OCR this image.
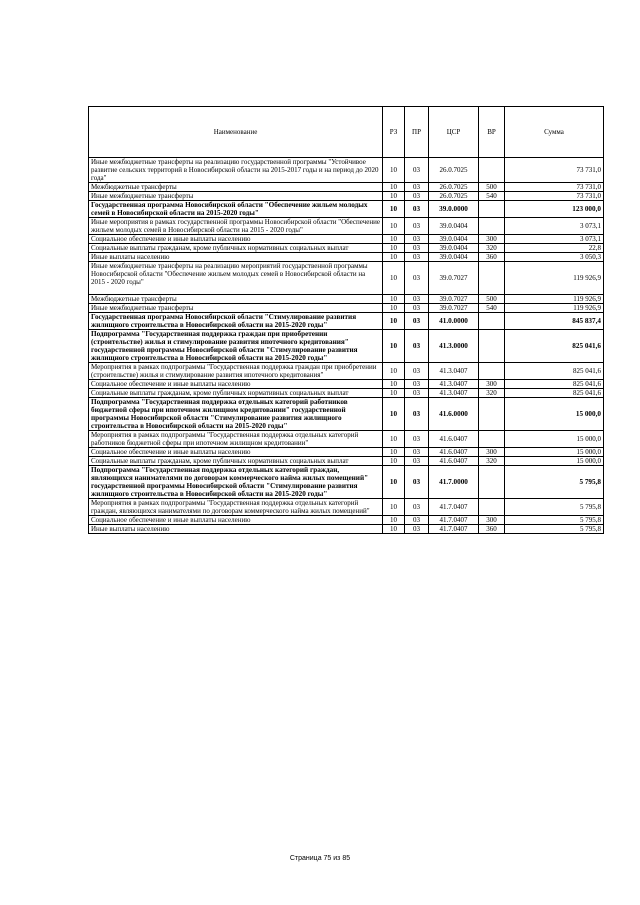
Наименование	РЗ	ПР	ЦСР	ВР	Сумма
Иные межбюджетные трансферты на реализацию государственной программы "Устойчивое развитие сельских территорий в Новосибирской области на 2015-2017 годы и на период до 2020 года"	10	03	26.0.7025		73 731,0
Межбюджетные трансферты	10	03	26.0.7025	500	73 731,0
Иные межбюджетные трансферты	10	03	26.0.7025	540	73 731,0
Государственная программа Новосибирской области "Обеспечение жильем молодых семей в Новосибирской области на 2015-2020 годы"	10	03	39.0.0000		123 000,0
Иные мероприятия в рамках государственной программы Новосибирской области "Обеспечение жильем молодых семей в Новосибирской области на 2015 - 2020 годы"	10	03	39.0.0404		3 073,1
Социальное обеспечение и иные выплаты населению	10	03	39.0.0404	300	3 073,1
Социальные выплаты гражданам, кроме публичных нормативных социальных выплат	10	03	39.0.0404	320	22,8
Иные выплаты населению	10	03	39.0.0404	360	3 050,3
Иные межбюджетные трансферты на реализацию мероприятий государственной программы Новосибирской области "Обеспечение жильем молодых семей в Новосибирской области на 2015 - 2020 годы"	10	03	39.0.7027		119 926,9
Межбюджетные трансферты	10	03	39.0.7027	500	119 926,9
Иные межбюджетные трансферты	10	03	39.0.7027	540	119 926,9
Государственная программа Новосибирской области "Стимулирование развития жилищного строительства в Новосибирской области на 2015-2020 годы"	10	03	41.0.0000		845 837,4
Подпрограмма "Государственная поддержка граждан при приобретении (строительстве) жилья и стимулирование развития ипотечного кредитования" государственной программы Новосибирской области "Стимулирование развития жилищного строительства в Новосибирской области на 2015-2020 годы"	10	03	41.3.0000		825 041,6
Мероприятия в рамках подпрограммы "Государственная поддержка граждан при приобретении (строительстве) жилья и стимулирование развития ипотечного кредитования"	10	03	41.3.0407		825 041,6
Социальное обеспечение и иные выплаты населению	10	03	41.3.0407	300	825 041,6
Социальные выплаты гражданам, кроме публичных нормативных социальных выплат	10	03	41.3.0407	320	825 041,6
Подпрограмма "Государственная поддержка отдельных категорий работников бюджетной сферы при ипотечном жилищном кредитовании" государственной программы Новосибирской области "Стимулирование развития жилищного строительства в Новосибирской области на 2015-2020 годы"	10	03	41.6.0000		15 000,0
Мероприятия в рамках подпрограммы "Государственная поддержка отдельных категорий работников бюджетной сферы при ипотечном жилищном кредитовании"	10	03	41.6.0407		15 000,0
Социальное обеспечение и иные выплаты населению	10	03	41.6.0407	300	15 000,0
Социальные выплаты гражданам, кроме публичных нормативных социальных выплат	10	03	41.6.0407	320	15 000,0
Подпрограмма "Государственная поддержка отдельных категорий граждан, являющихся нанимателями по договорам коммерческого найма жилых помещений" государственной программы Новосибирской области "Стимулирование развития жилищного строительства в Новосибирской области на 2015-2020 годы"	10	03	41.7.0000		5 795,8
Мероприятия в рамках подпрограммы "Государственная поддержка отдельных категорий граждан, являющихся нанимателями по договорам коммерческого найма жилых помещений"	10	03	41.7.0407		5 795,8
Социальное обеспечение и иные выплаты населению	10	03	41.7.0407	300	5 795,8
Иные выплаты населению	10	03	41.7.0407	360	5 795,8
Страница 75 из 85
